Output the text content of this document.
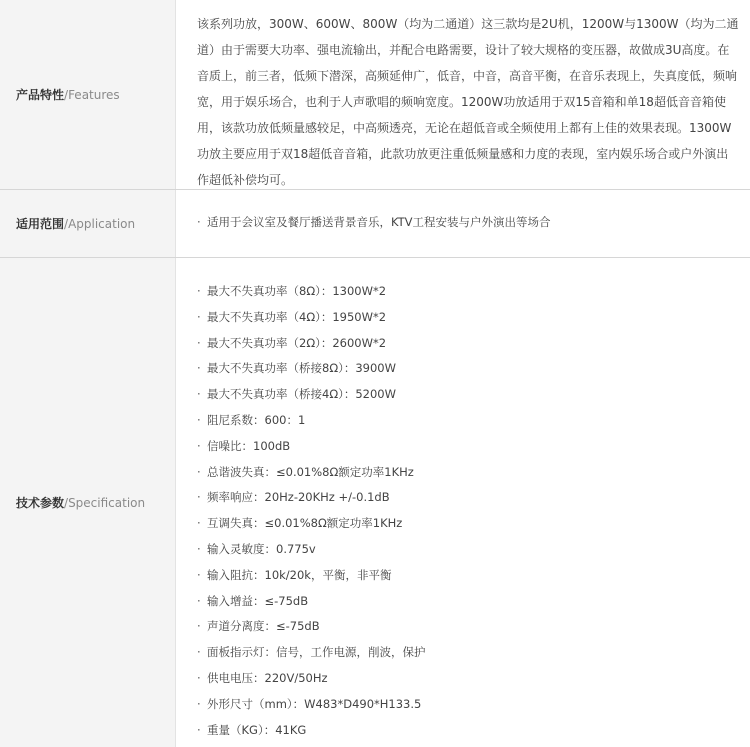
产品特性 / Features

该系列功放，300W、600W、800W（均为二通道）这三款均是2U机，1200W与1300W（均为二通道）由于需要大功率、强电流输出，并配合电路需要，设计了较大规格的变压器，故做成3U高度。在音质上，前三者，低频下潜深，高频延伸广，低音，中音，高音平衡，在音乐表现上，失真度低，频响宽，用于娱乐场合，也利于人声歌唱的频响宽度。1200W功放适用于双15音箱和单18超低音音箱使用，该款功放低频量感较足，中高频透亮，无论在超低音或全频使用上都有上佳的效果表现。1300W功放主要应用于双18超低音音箱，此款功放更注重低频量感和力度的表现，室内娱乐场合或户外演出作超低补偿均可。

适用范围 / Application	· 适用于会议室及餐厅播送背景音乐，KTV工程安装与户外演出等场合
技术参数 / Specification
· 最大不失真功率（8Ω）：1300W*2
· 最大不失真功率（4Ω）：1950W*2
· 最大不失真功率（2Ω）：2600W*2
· 最大不失真功率（桥接8Ω）：3900W
· 最大不失真功率（桥接4Ω）：5200W
· 阻尼系数：600：1
· 信噪比：100dB
· 总谐波失真：≤0.01%8Ω额定功率1KHz
· 频率响应：20Hz-20KHz +/-0.1dB
· 互调失真：≤0.01%8Ω额定功率1KHz
· 输入灵敏度：0.775v
· 输入阻抗：10k/20k，平衡，非平衡
· 输入增益：≤-75dB
· 声道分离度：≤-75dB
· 面板指示灯：信号，工作电源，削波，保护
· 供电电压：220V/50Hz
· 外形尺寸（mm）：W483*D490*H133.5
· 重量（KG）：41KG
